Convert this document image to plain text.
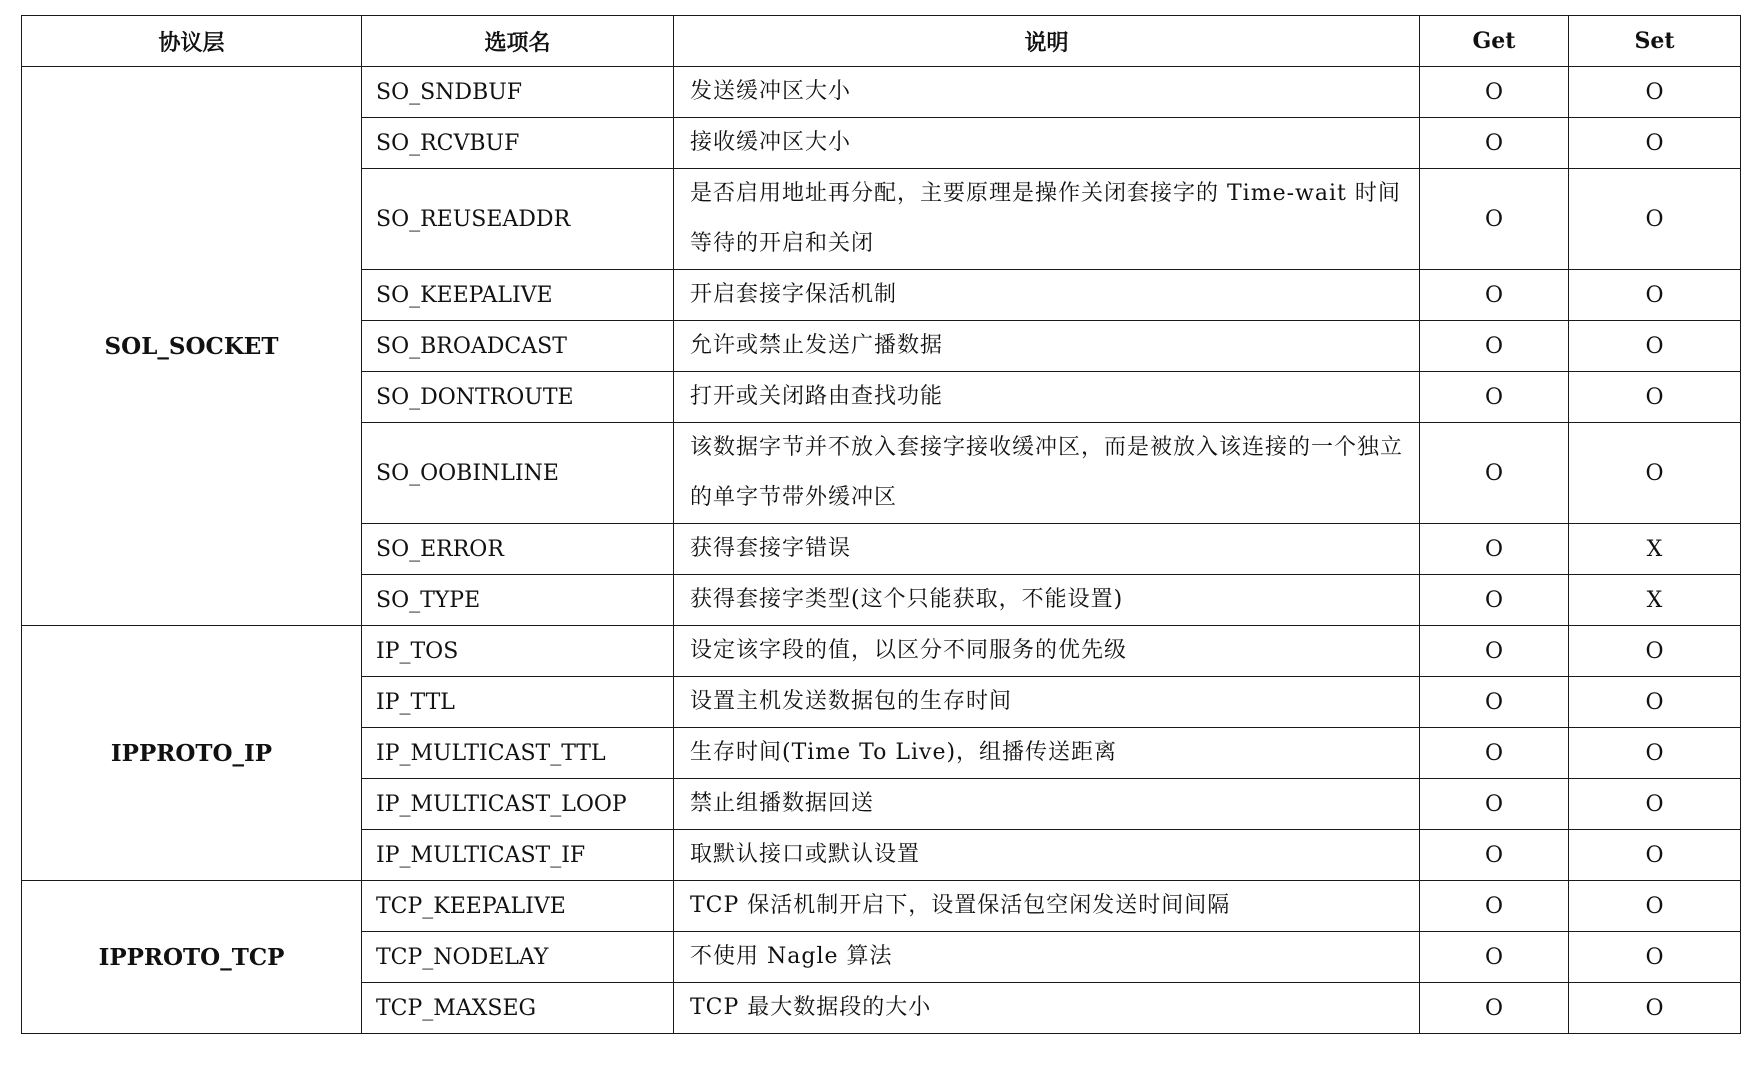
协议层	选项名	说明	Get	Set
SOL_SOCKET	SO_SNDBUF	发送缓冲区大小	O	O
	SO_RCVBUF	接收缓冲区大小	O	O
	SO_REUSEADDR	是否启用地址再分配，主要原理是操作关闭套接字的 Time-wait 时间等待的开启和关闭	O	O
	SO_KEEPALIVE	开启套接字保活机制	O	O
	SO_BROADCAST	允许或禁止发送广播数据	O	O
	SO_DONTROUTE	打开或关闭路由查找功能	O	O
	SO_OOBINLINE	该数据字节并不放入套接字接收缓冲区，而是被放入该连接的一个独立的单字节带外缓冲区	O	O
	SO_ERROR	获得套接字错误	O	X
	SO_TYPE	获得套接字类型(这个只能获取，不能设置)	O	X
IPPROTO_IP	IP_TOS	设定该字段的值，以区分不同服务的优先级	O	O
	IP_TTL	设置主机发送数据包的生存时间	O	O
	IP_MULTICAST_TTL	生存时间(Time To Live)，组播传送距离	O	O
	IP_MULTICAST_LOOP	禁止组播数据回送	O	O
	IP_MULTICAST_IF	取默认接口或默认设置	O	O
IPPROTO_TCP	TCP_KEEPALIVE	TCP 保活机制开启下，设置保活包空闲发送时间间隔	O	O
	TCP_NODELAY	不使用 Nagle 算法	O	O
	TCP_MAXSEG	TCP 最大数据段的大小	O	O
